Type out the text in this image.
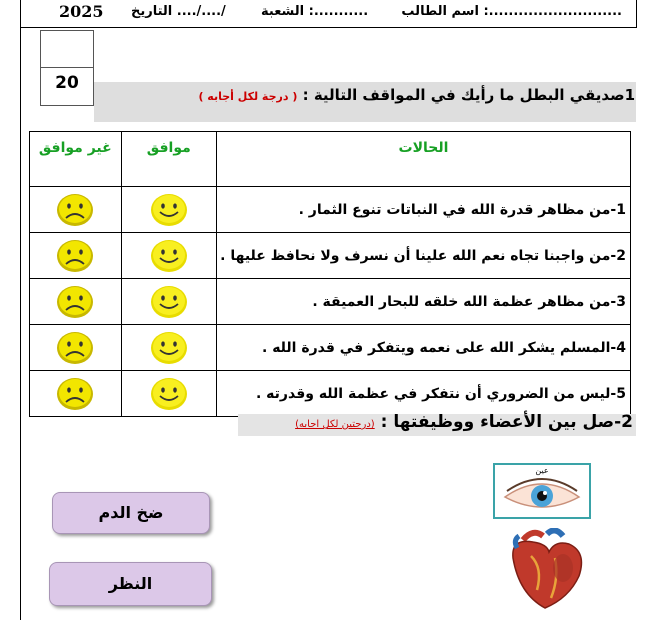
اسم الطالب :...........................
الشعبة :...........
التاريخ ..../..../
2025
20
1صديقي البطل ما رأيك في المواقف التالية : ( درجة لكل أجابه )
غير موافق	موافق	الحالات

	1-من مظاهر قدرة الله في النباتات تنوع الثمار .

	2-من واجبنا تجاه نعم الله علينا أن نسرف ولا نحافظ عليها .

	3-من مظاهر عظمة الله خلقه للبحار العميقة .

	4-المسلم يشكر الله على نعمه ويتفكر في قدرة الله .

	5-ليس من الضروري أن نتفكر في عظمة الله وقدرته .
2-صل بين الأعضاء ووظيفتها : (درجتين لكل اجابه)
ضخ الدم
النظر
عين
